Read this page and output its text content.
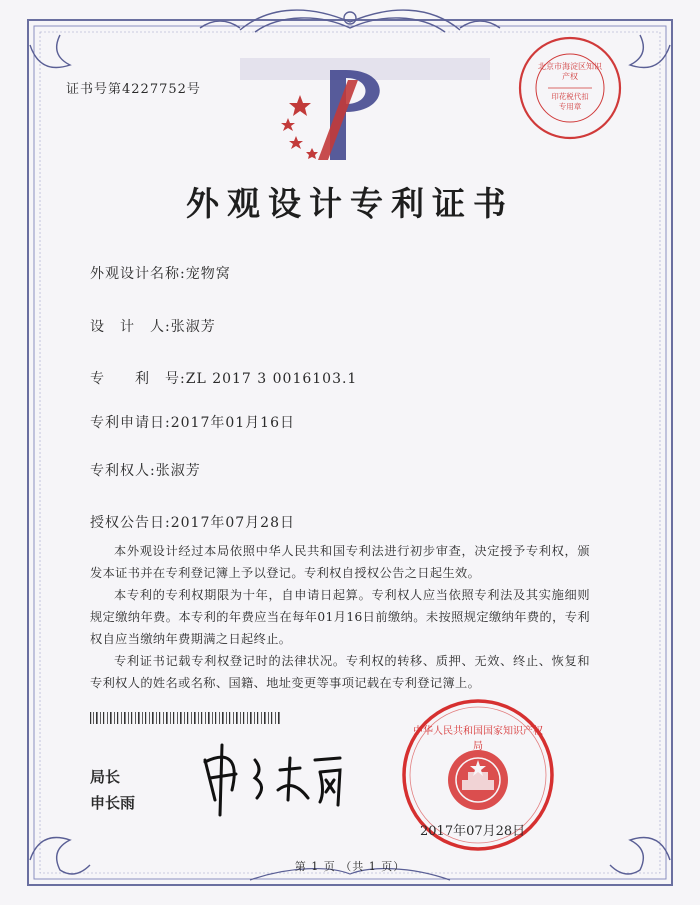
证书号第4227752号
北京市海淀区知识产权
印花税代扣专用章
外观设计专利证书
外观设计名称:宠物窝
设　计　人:张淑芳
专　　利　号:ZL 2017 3 0016103.1
专利申请日:2017年01月16日
专利权人:张淑芳
授权公告日:2017年07月28日

本外观设计经过本局依照中华人民共和国专利法进行初步审查，决定授予专利权，颁发本证书并在专利登记簿上予以登记。专利权自授权公告之日起生效。

本专利的专利权期限为十年，自申请日起算。专利权人应当依照专利法及其实施细则规定缴纳年费。本专利的年费应当在每年01月16日前缴纳。未按照规定缴纳年费的，专利权自应当缴纳年费期满之日起终止。

专利证书记载专利权登记时的法律状况。专利权的转移、质押、无效、终止、恢复和专利权人的姓名或名称、国籍、地址变更等事项记载在专利登记簿上。

局长
申长雨
中华人民共和国国家知识产权局
2017年07月28日
第 1 页 （共 1 页）
